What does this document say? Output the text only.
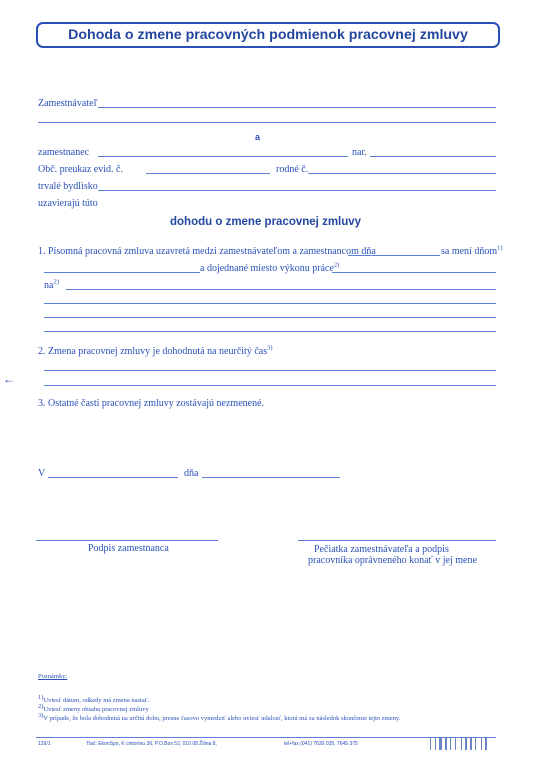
Dohoda o zmene pracovných podmienok pracovnej zmluvy
Zamestnávateľ
a
zamestnanec	nar.
Obč. preukaz evid. č.	rodné č.
trvalé bydlisko
uzavierajú túto
dohodu o zmene pracovnej zmluvy
1. Písomná pracovná zmluva uzavretá medzi zamestnávateľom a zamestnancom dňa	sa mení dňom$^{1)}$
a dojednané miesto výkonu práce$^{2)}$
$na^{2)}$
2. Zmena pracovnej zmluvy je dohodnutá na neurčitý čas$^{3)}$
←
3. Ostatné časti pracovnej zmluvy zostávajú nezmenené.
V	dňa
Podpis zamestnanca	Pečiatka zamestnávateľa a podpis
pracovníka oprávneného konať v jej mene
Poznámky:
1)Uviesť dátum, odkedy má zmena nastať.
2)Uviesť zmeny obsahu pracovnej zmluvy
3)V prípade, že bola dohodnutá na určitú dobu, presne časovo vymedziť alebo uviesť udalosť, ktorá má za následok skončenie tejto zmeny.
129/1	Tlač: EkonSpo, K cintorínu 36, P.O.Box 52, 010 08 Žilina 8,	tel+fax (041) 7630 035, 7645 375
